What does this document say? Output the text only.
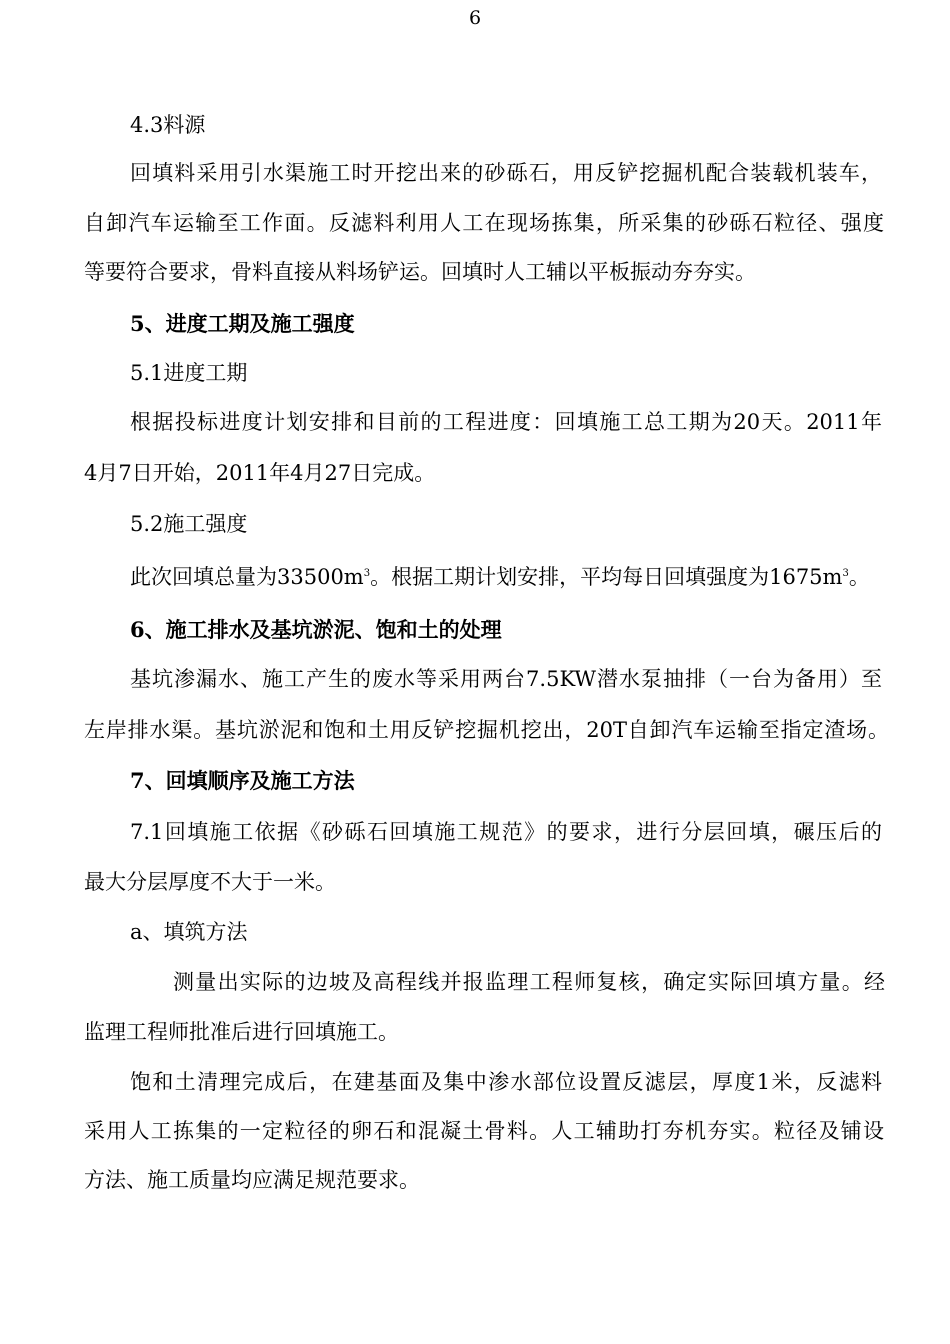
6
4.3料源
回填料采用引水渠施工时开挖出来的砂砾石，用反铲挖掘机配合装载机装车，
自卸汽车运输至工作面。反滤料利用人工在现场拣集，所采集的砂砾石粒径、强度
等要符合要求，骨料直接从料场铲运。回填时人工辅以平板振动夯夯实。
5、进度工期及施工强度
5.1进度工期
根据投标进度计划安排和目前的工程进度：回填施工总工期为20天。2011年
4月7日开始，2011年4月27日完成。
5.2施工强度
此次回填总量为$33500m^3$。根据工期计划安排，平均每日回填强度为$1675m^3$。
6、施工排水及基坑淤泥、饱和土的处理
基坑渗漏水、施工产生的废水等采用两台7.5KW潜水泵抽排（一台为备用）至
左岸排水渠。基坑淤泥和饱和土用反铲挖掘机挖出，20T自卸汽车运输至指定渣场。
7、回填顺序及施工方法
7.1回填施工依据《砂砾石回填施工规范》的要求，进行分层回填，碾压后的
最大分层厚度不大于一米。
a、填筑方法
测量出实际的边坡及高程线并报监理工程师复核，确定实际回填方量。经
监理工程师批准后进行回填施工。
饱和土清理完成后，在建基面及集中渗水部位设置反滤层，厚度1米，反滤料
采用人工拣集的一定粒径的卵石和混凝土骨料。人工辅助打夯机夯实。粒径及铺设
方法、施工质量均应满足规范要求。
